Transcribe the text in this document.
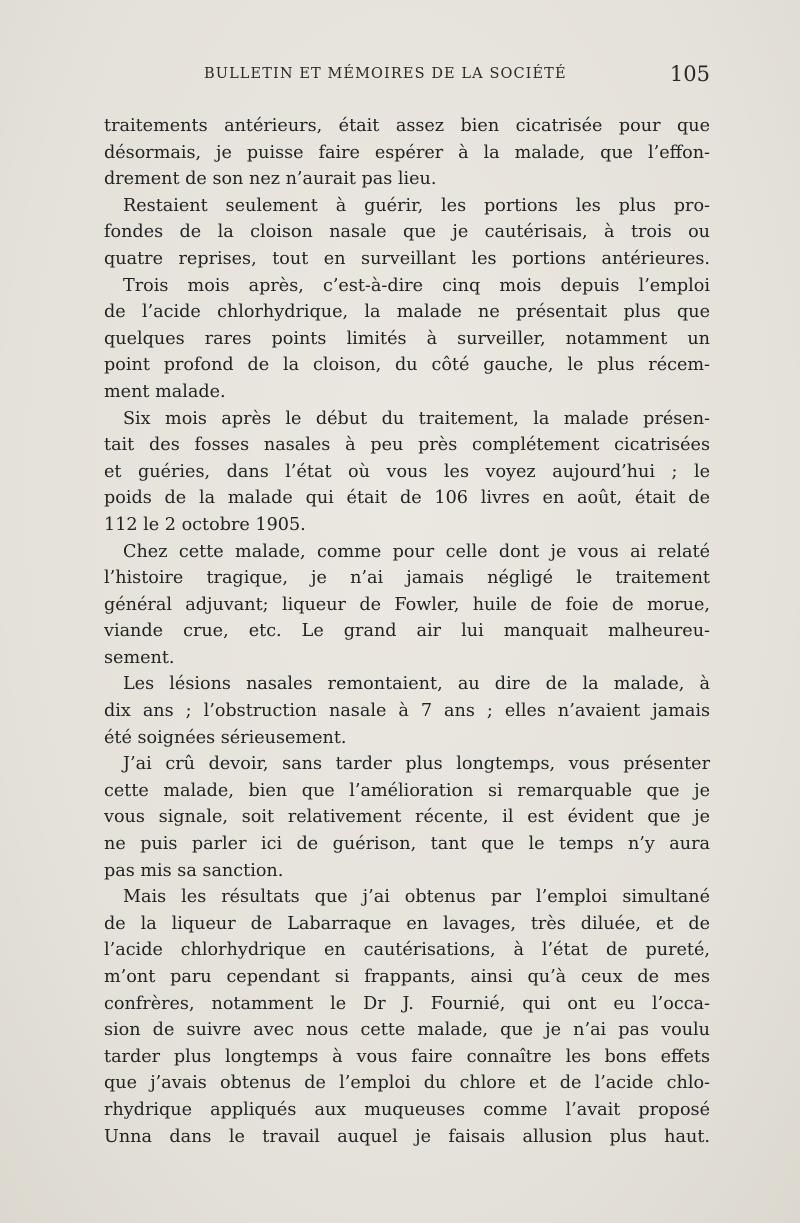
BULLETIN ET MÉMOIRES DE LA SOCIÉTÉ	105
traitements antérieurs, était assez bien cicatrisée pour que
désormais, je puisse faire espérer à la malade, que l’effon-
drement de son nez n’aurait pas lieu.
Restaient seulement à guérir, les portions les plus pro-
fondes de la cloison nasale que je cautérisais, à trois ou
quatre reprises, tout en surveillant les portions antérieures.
Trois mois après, c’est-à-dire cinq mois depuis l’emploi
de l’acide chlorhydrique, la malade ne présentait plus que
quelques rares points limités à surveiller, notamment un
point profond de la cloison, du côté gauche, le plus récem-
ment malade.
Six mois après le début du traitement, la malade présen-
tait des fosses nasales à peu près complétement cicatrisées
et guéries, dans l’état où vous les voyez aujourd’hui ; le
poids de la malade qui était de 106 livres en août, était de
112 le 2 octobre 1905.
Chez cette malade, comme pour celle dont je vous ai relaté
l’histoire tragique, je n’ai jamais négligé le traitement
général adjuvant; liqueur de Fowler, huile de foie de morue,
viande crue, etc. Le grand air lui manquait malheureu-
sement.
Les lésions nasales remontaient, au dire de la malade, à
dix ans ; l’obstruction nasale à 7 ans ; elles n’avaient jamais
été soignées sérieusement.
J’ai crû devoir, sans tarder plus longtemps, vous présenter
cette malade, bien que l’amélioration si remarquable que je
vous signale, soit relativement récente, il est évident que je
ne puis parler ici de guérison, tant que le temps n’y aura
pas mis sa sanction.
Mais les résultats que j’ai obtenus par l’emploi simultané
de la liqueur de Labarraque en lavages, très diluée, et de
l’acide chlorhydrique en cautérisations, à l’état de pureté,
m’ont paru cependant si frappants, ainsi qu’à ceux de mes
confrères, notamment le Dr J. Fournié, qui ont eu l’occa-
sion de suivre avec nous cette malade, que je n’ai pas voulu
tarder plus longtemps à vous faire connaître les bons effets
que j’avais obtenus de l’emploi du chlore et de l’acide chlo-
rhydrique appliqués aux muqueuses comme l’avait proposé
Unna dans le travail auquel je faisais allusion plus haut.
